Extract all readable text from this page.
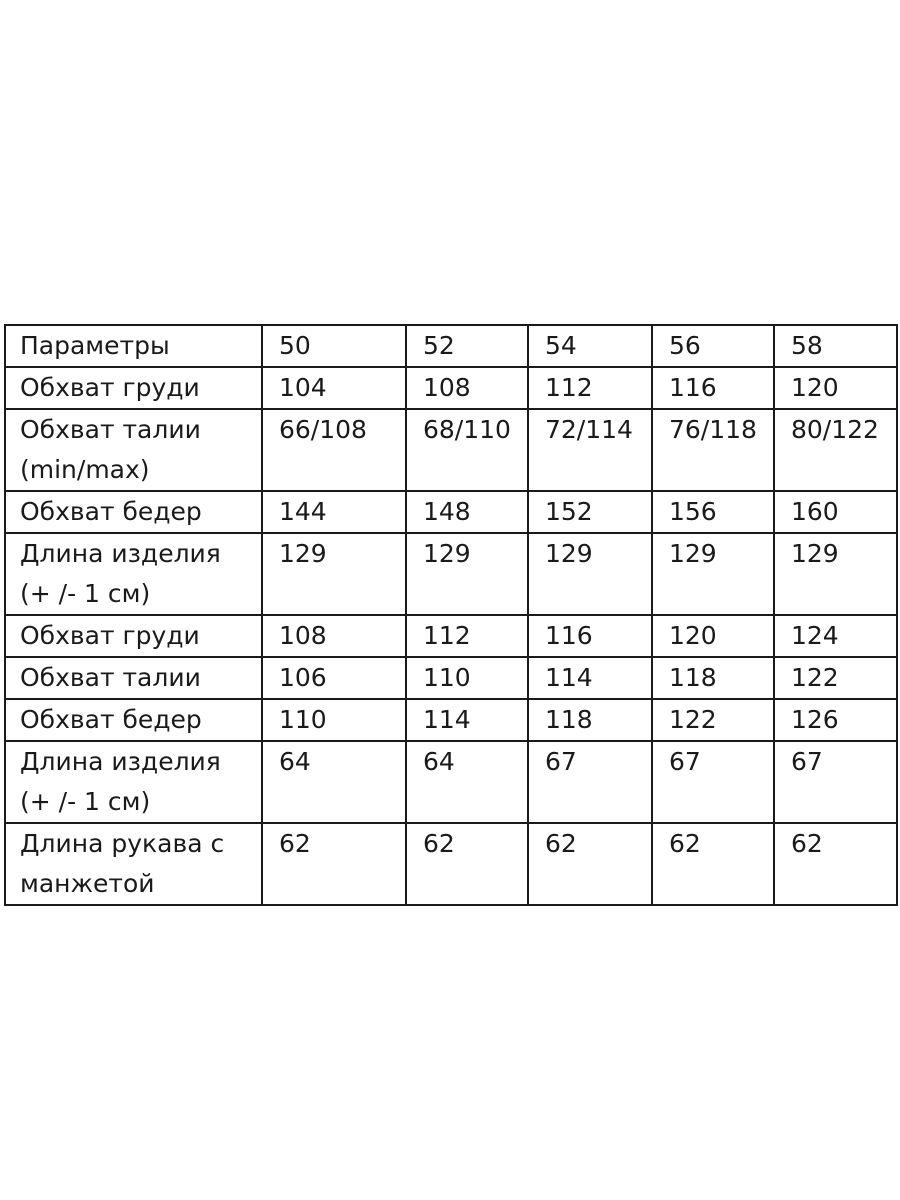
Параметры	50	52	54	56	58
Обхват груди	104	108	112	116	120
Обхват талии
(min/max)	66/108	68/110	72/114	76/118	80/122
Обхват бедер	144	148	152	156	160
Длина изделия
(+ /- 1 см)	129	129	129	129	129
Обхват груди	108	112	116	120	124
Обхват талии	106	110	114	118	122
Обхват бедер	110	114	118	122	126
Длина изделия
(+ /- 1 см)	64	64	67	67	67
Длина рукава с
манжетой	62	62	62	62	62
